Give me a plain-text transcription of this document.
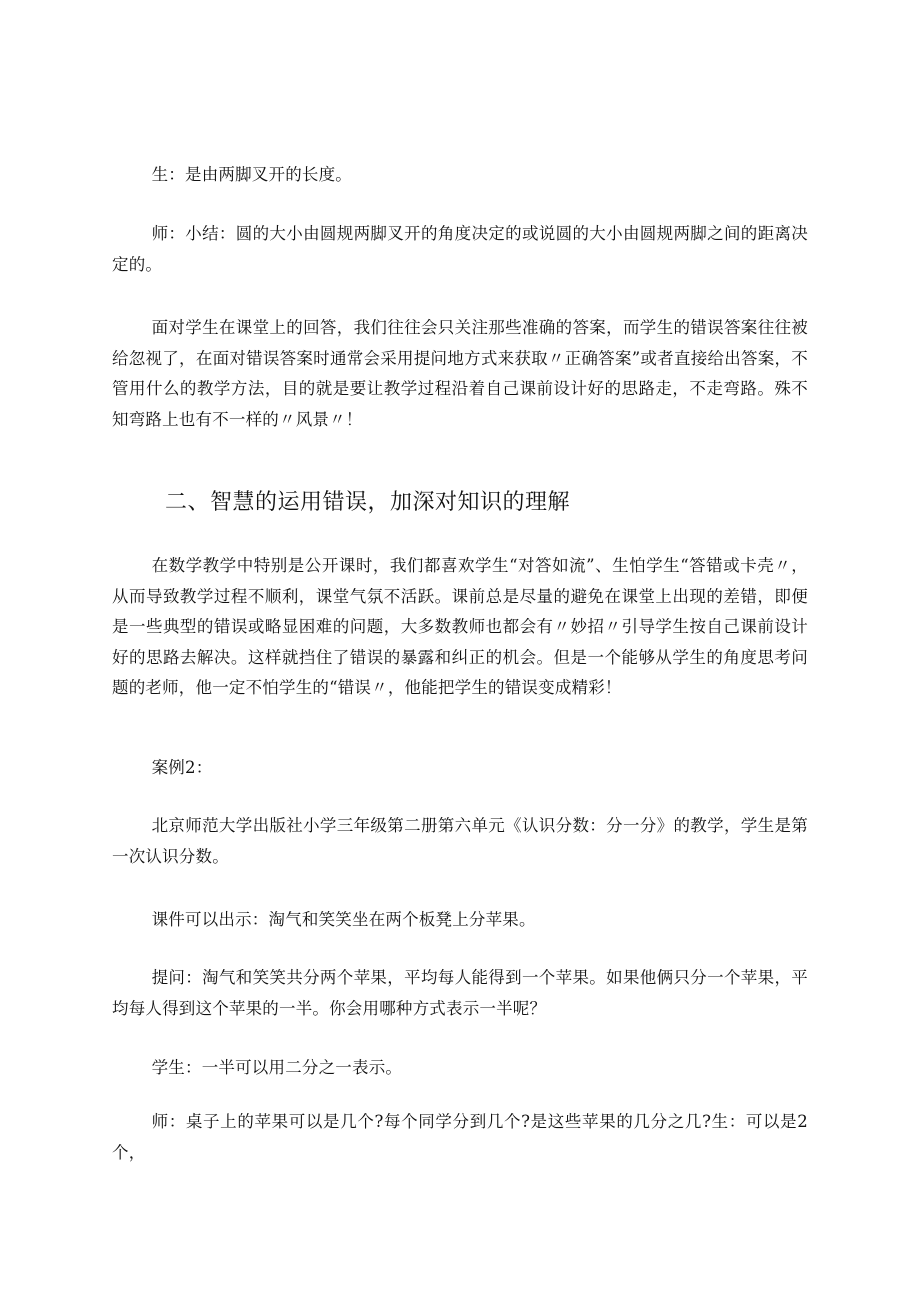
生：是由两脚叉开的长度。

师：小结：圆的大小由圆规两脚叉开的角度决定的或说圆的大小由圆规两脚之间的距离决定的。

面对学生在课堂上的回答，我们往往会只关注那些准确的答案，而学生的错误答案往往被给忽视了，在面对错误答案时通常会采用提问地方式来获取〃正确答案”或者直接给出答案，不管用什么的教学方法，目的就是要让教学过程沿着自己课前设计好的思路走，不走弯路。殊不知弯路上也有不一样的〃风景〃！

二、智慧的运用错误，加深对知识的理解

在数学教学中特别是公开课时，我们都喜欢学生“对答如流”、生怕学生“答错或卡壳〃，从而导致教学过程不顺利，课堂气氛不活跃。课前总是尽量的避免在课堂上出现的差错，即便是一些典型的错误或略显困难的问题，大多数教师也都会有〃妙招〃引导学生按自己课前设计好的思路去解决。这样就挡住了错误的暴露和纠正的机会。但是一个能够从学生的角度思考问题的老师，他一定不怕学生的“错误〃，他能把学生的错误变成精彩！

案例2：

北京师范大学出版社小学三年级第二册第六单元《认识分数：分一分》的教学，学生是第一次认识分数。

课件可以出示：淘气和笑笑坐在两个板凳上分苹果。

提问：淘气和笑笑共分两个苹果，平均每人能得到一个苹果。如果他俩只分一个苹果，平均每人得到这个苹果的一半。你会用哪种方式表示一半呢？

学生：一半可以用二分之一表示。

师：桌子上的苹果可以是几个?每个同学分到几个?是这些苹果的几分之几?生：可以是2个，
